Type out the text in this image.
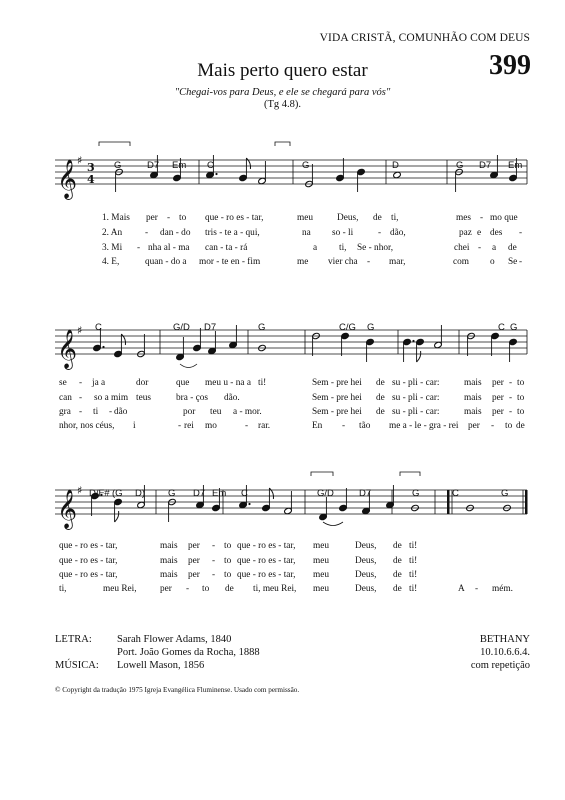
VIDA CRISTÃ, COMUNHÃO COM DEUS
399
Mais perto quero estar
"Chegai-vos para Deus, e ele se chegará para vós"
(Tg 4.8).
𝄞 ♯
3
4
𝄞 ♯
𝄞 ♯
G	D7 Em C	G	D	G D7 Em
C	G/D D7	G	C/G G	C G
D/F# (G D) G D7 Em C	G/D	D7	G	C	G
1. Mais per - to que - ro es - tar,	meu	Deus, de ti,	mes - mo que
2. An - dan - do tris - te a - qui,	na so - li	- dão,	paz e des -
3. Mi - nha al - ma can - ta - rá	a ti, Se - nhor,	chei - a de
4. E,	quan - do a mor - te en - fim	me vier cha - mar,	com o Se -
se - ja a	dor	que meu u - na a ti!	Sem - pre hei de su - pli - car:	mais per - to
can - so a mim teus	bra - ços dão.	Sem - pre hei de su - pli - car:	mais per - to
gra - ti - dão	por teu a - mor.	Sem - pre hei de su - pli - car:	mais per - to
nhor, nos céus, i	- rei mo	- rar.	En - tão me a - le - gra - rei per - to de
que - ro es - tar,	mais per - to que - ro es - tar, meu	Deus, de ti!
que - ro es - tar,	mais per - to que - ro es - tar, meu	Deus, de ti!
que - ro es - tar,	mais per - to que - ro es - tar, meu	Deus, de ti!
ti,	meu Rei,	per - to de ti, meu Rei, meu	Deus, de ti!	A - mém.
LETRA: Sarah Flower Adams, 1840
Port. João Gomes da Rocha, 1888
MÚSICA: Lowell Mason, 1856
BETHANY
10.10.6.6.4.
com repetição
© Copyright da tradução 1975 Igreja Evangélica Fluminense. Usado com permissão.
